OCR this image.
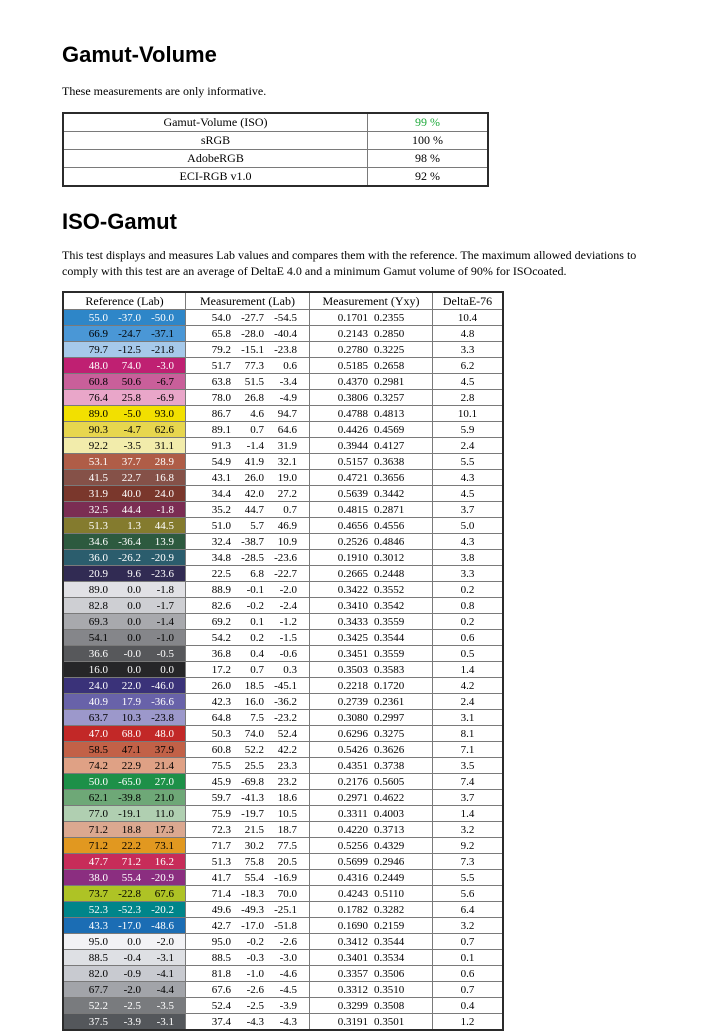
Gamut-Volume

These measurements are only informative.

Gamut-Volume (ISO)	99 %
sRGB	100 %
AdobeRGB	98 %
ECI-RGB v1.0	92 %
ISO-Gamut

This test displays and measures Lab values and compares them with the reference. The maximum allowed deviations to comply with this test are an average of DeltaE 4.0 and a minimum Gamut volume of 90% for ISOcoated.

Reference (Lab)	Measurement (Lab)	Measurement (Yxy)	DeltaE-76
55.0 -37.0 -50.0	54.0 -27.7 -54.5	0.1701 0.2355	10.4
66.9 -24.7 -37.1	65.8 -28.0 -40.4	0.2143 0.2850	4.8
79.7 -12.5 -21.8	79.2 -15.1 -23.8	0.2780 0.3225	3.3
48.0 74.0 -3.0	51.7 77.3 0.6	0.5185 0.2658	6.2
60.8 50.6 -6.7	63.8 51.5 -3.4	0.4370 0.2981	4.5
76.4 25.8 -6.9	78.0 26.8 -4.9	0.3806 0.3257	2.8
89.0 -5.0 93.0	86.7 4.6 94.7	0.4788 0.4813	10.1
90.3 -4.7 62.6	89.1 0.7 64.6	0.4426 0.4569	5.9
92.2 -3.5 31.1	91.3 -1.4 31.9	0.3944 0.4127	2.4
53.1 37.7 28.9	54.9 41.9 32.1	0.5157 0.3638	5.5
41.5 22.7 16.8	43.1 26.0 19.0	0.4721 0.3656	4.3
31.9 40.0 24.0	34.4 42.0 27.2	0.5639 0.3442	4.5
32.5 44.4 -1.8	35.2 44.7 0.7	0.4815 0.2871	3.7
51.3 1.3 44.5	51.0 5.7 46.9	0.4656 0.4556	5.0
34.6 -36.4 13.9	32.4 -38.7 10.9	0.2526 0.4846	4.3
36.0 -26.2 -20.9	34.8 -28.5 -23.6	0.1910 0.3012	3.8
20.9 9.6 -23.6	22.5 6.8 -22.7	0.2665 0.2448	3.3
89.0 0.0 -1.8	88.9 -0.1 -2.0	0.3422 0.3552	0.2
82.8 0.0 -1.7	82.6 -0.2 -2.4	0.3410 0.3542	0.8
69.3 0.0 -1.4	69.2 0.1 -1.2	0.3433 0.3559	0.2
54.1 0.0 -1.0	54.2 0.2 -1.5	0.3425 0.3544	0.6
36.6 -0.0 -0.5	36.8 0.4 -0.6	0.3451 0.3559	0.5
16.0 0.0 0.0	17.2 0.7 0.3	0.3503 0.3583	1.4
24.0 22.0 -46.0	26.0 18.5 -45.1	0.2218 0.1720	4.2
40.9 17.9 -36.6	42.3 16.0 -36.2	0.2739 0.2361	2.4
63.7 10.3 -23.8	64.8 7.5 -23.2	0.3080 0.2997	3.1
47.0 68.0 48.0	50.3 74.0 52.4	0.6296 0.3275	8.1
58.5 47.1 37.9	60.8 52.2 42.2	0.5426 0.3626	7.1
74.2 22.9 21.4	75.5 25.5 23.3	0.4351 0.3738	3.5
50.0 -65.0 27.0	45.9 -69.8 23.2	0.2176 0.5605	7.4
62.1 -39.8 21.0	59.7 -41.3 18.6	0.2971 0.4622	3.7
77.0 -19.1 11.0	75.9 -19.7 10.5	0.3311 0.4003	1.4
71.2 18.8 17.3	72.3 21.5 18.7	0.4220 0.3713	3.2
71.2 22.2 73.1	71.7 30.2 77.5	0.5256 0.4329	9.2
47.7 71.2 16.2	51.3 75.8 20.5	0.5699 0.2946	7.3
38.0 55.4 -20.9	41.7 55.4 -16.9	0.4316 0.2449	5.5
73.7 -22.8 67.6	71.4 -18.3 70.0	0.4243 0.5110	5.6
52.3 -52.3 -20.2	49.6 -49.3 -25.1	0.1782 0.3282	6.4
43.3 -17.0 -48.6	42.7 -17.0 -51.8	0.1690 0.2159	3.2
95.0 0.0 -2.0	95.0 -0.2 -2.6	0.3412 0.3544	0.7
88.5 -0.4 -3.1	88.5 -0.3 -3.0	0.3401 0.3534	0.1
82.0 -0.9 -4.1	81.8 -1.0 -4.6	0.3357 0.3506	0.6
67.7 -2.0 -4.4	67.6 -2.6 -4.5	0.3312 0.3510	0.7
52.2 -2.5 -3.5	52.4 -2.5 -3.9	0.3299 0.3508	0.4
37.5 -3.9 -3.1	37.4 -4.3 -4.3	0.3191 0.3501	1.2
